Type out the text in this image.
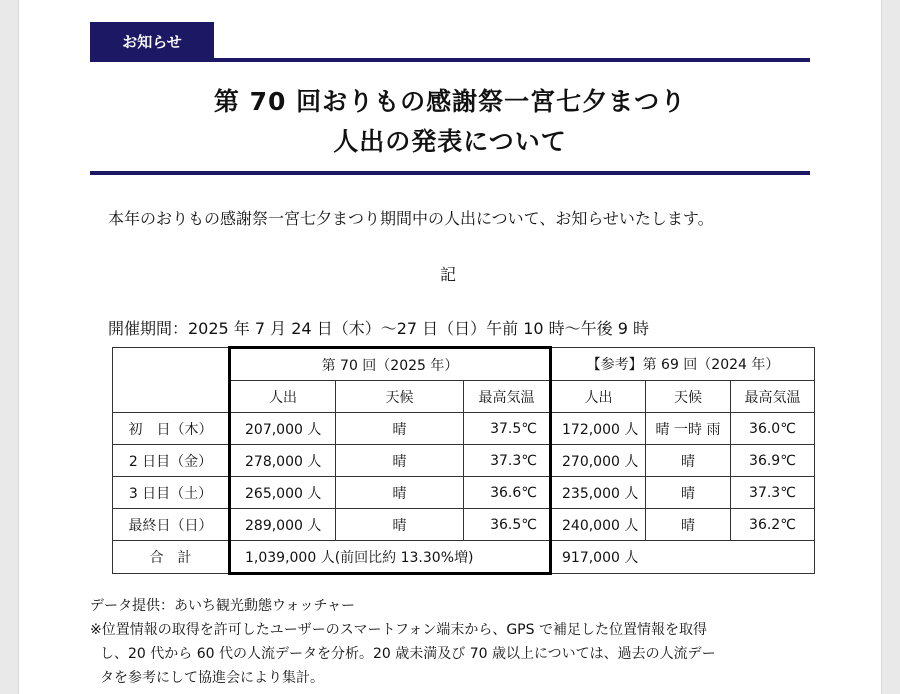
お知らせ
第 70 回おりもの感謝祭一宮七夕まつり
人出の発表について
本年のおりもの感謝祭一宮七夕まつり期間中の人出について、お知らせいたします。
記
開催期間：2025 年 7 月 24 日（木）～27 日（日）午前 10 時～午後 9 時
	第 70 回（2025 年）			【参考】第 69 回（2024 年）		
	人出	天候	最高気温	人出	天候	最高気温
初　日（木）	207,000 人	晴	37.5℃	172,000 人	晴 一時 雨	36.0℃
2 日目（金）	278,000 人	晴	37.3℃	270,000 人	晴	36.9℃
3 日目（土）	265,000 人	晴	36.6℃	235,000 人	晴	37.3℃
最終日（日）	289,000 人	晴	36.5℃	240,000 人	晴	36.2℃
合　計	1,039,000 人(前回比約 13.30%増)			917,000 人		
データ提供：あいち観光動態ウォッチャー
※位置情報の取得を許可したユーザーのスマートフォン端末から、GPS で補足した位置情報を取得
し、20 代から 60 代の人流データを分析。20 歳未満及び 70 歳以上については、過去の人流デー
タを参考にして協進会により集計。
